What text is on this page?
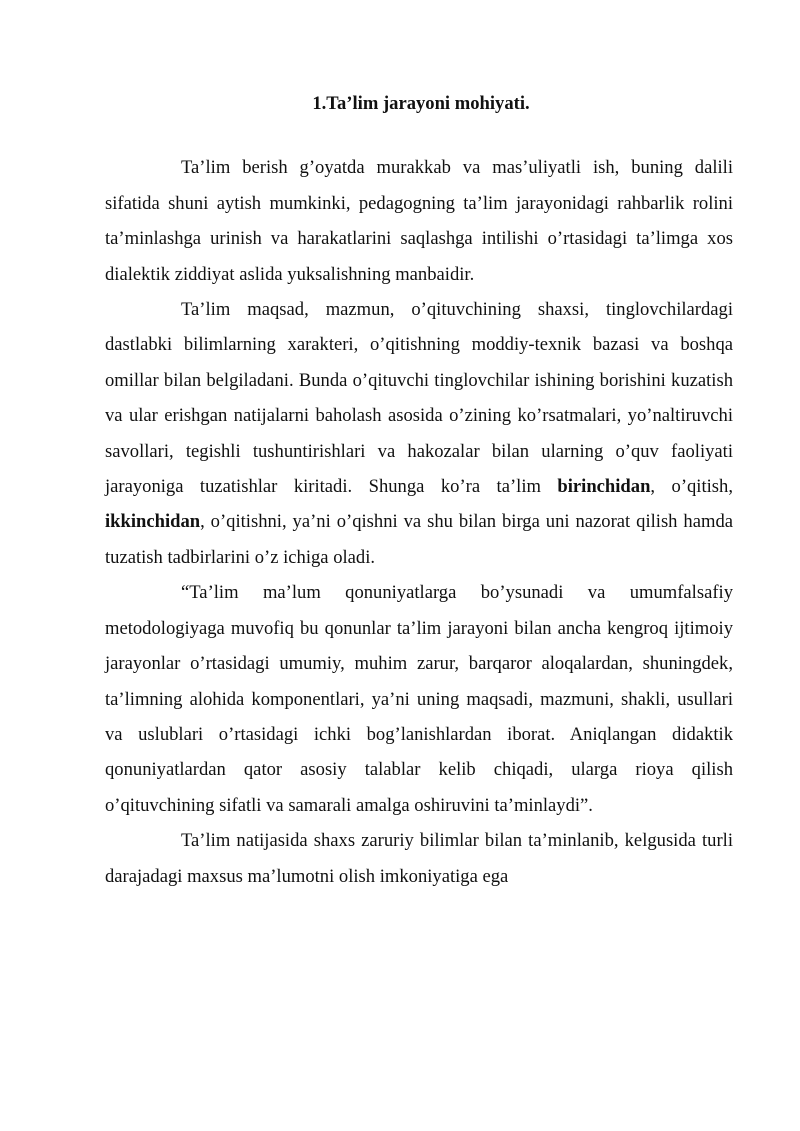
1.Ta’lim jarayoni mohiyati.

Ta’lim berish g’oyatda murakkab va mas’uliyatli ish, buning dalili sifatida shuni aytish mumkinki, pedagogning ta’lim jarayonidagi rahbarlik rolini ta’minlashga urinish va harakatlarini saqlashga intilishi o’rtasidagi ta’limga xos dialektik ziddiyat aslida yuksalishning manbaidir.

Ta’lim maqsad, mazmun, o’qituvchining shaxsi, tinglovchilardagi dastlabki bilimlarning xarakteri, o’qitishning moddiy-texnik bazasi va boshqa omillar bilan belgiladani. Bunda o’qituvchi tinglovchilar ishining borishini kuzatish va ular erishgan natijalarni baholash asosida o’zining ko’rsatmalari, yo’naltiruvchi savollari, tegishli tushuntirishlari va hakozalar bilan ularning o’quv faoliyati jarayoniga tuzatishlar kiritadi. Shunga ko’ra ta’lim birinchidan, o’qitish, ikkinchidan, o’qitishni, ya’ni o’qishni va shu bilan birga uni nazorat qilish hamda tuzatish tadbirlarini o’z ichiga oladi.

“Ta’lim ma’lum qonuniyatlarga bo’ysunadi va umumfalsafiy metodologiyaga muvofiq bu qonunlar ta’lim jarayoni bilan ancha kengroq ijtimoiy jarayonlar o’rtasidagi umumiy, muhim zarur, barqaror aloqalardan, shuningdek, ta’limning alohida komponentlari, ya’ni uning maqsadi, mazmuni, shakli, usullari va uslublari o’rtasidagi ichki bog’lanishlardan iborat. Aniqlangan didaktik qonuniyatlardan qator asosiy talablar kelib chiqadi, ularga rioya qilish o’qituvchining sifatli va samarali amalga oshiruvini ta’minlaydi”.

Ta’lim natijasida shaxs zaruriy bilimlar bilan ta’minlanib, kelgusida turli darajadagi maxsus ma’lumotni olish imkoniyatiga ega
